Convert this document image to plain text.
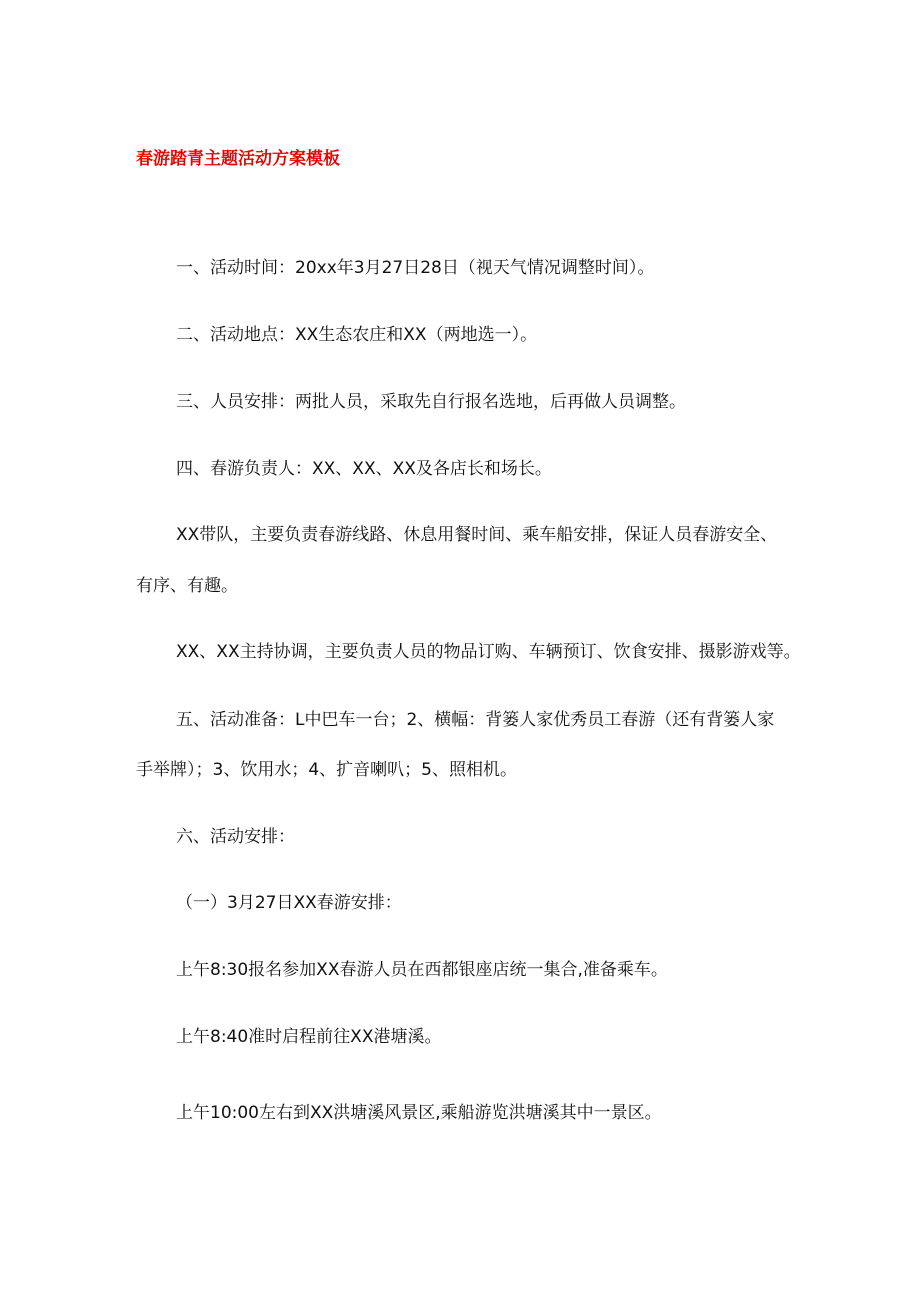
春游踏青主题活动方案模板
一、活动时间：20xx年3月27日28日（视天气情况调整时间）。
二、活动地点：XX生态农庄和XX（两地选一）。
三、人员安排：两批人员，采取先自行报名选地，后再做人员调整。
四、春游负责人：XX、XX、XX及各店长和场长。
XX带队，主要负责春游线路、休息用餐时间、乘车船安排，保证人员春游安全、
有序、有趣。
XX、XX主持协调，主要负责人员的物品订购、车辆预订、饮食安排、摄影游戏等。
五、活动准备：L中巴车一台；2、横幅：背篓人家优秀员工春游（还有背篓人家
手举牌）；3、饮用水；4、扩音喇叭；5、照相机。
六、活动安排：
（一）3月27日XX春游安排：
上午8:30报名参加XX春游人员在西都银座店统一集合,准备乘车。
上午8:40准时启程前往XX港塘溪。
上午10:00左右到XX洪塘溪风景区,乘船游览洪塘溪其中一景区。
